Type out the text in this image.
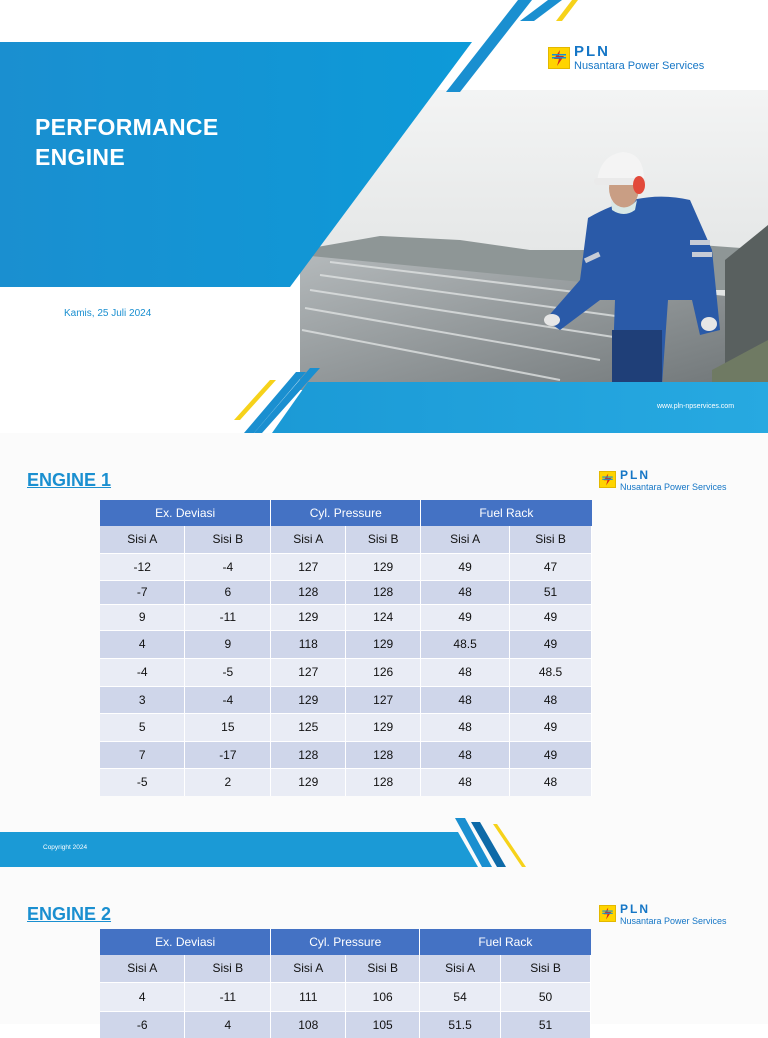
PERFORMANCE
ENGINE
Kamis, 25 Juli 2024
www.pln-npservices.com
PLN
Nusantara Power Services
ENGINE 1	PLN
Nusantara Power Services
Ex. Deviasi		Cyl. Pressure		Fuel Rack	
Sisi A	Sisi B	Sisi A	Sisi B	Sisi A	Sisi B
-12	-4	127	129	49	47
-7	6	128	128	48	51
9	-11	129	124	49	49
4	9	118	129	48.5	49
-4	-5	127	126	48	48.5
3	-4	129	127	48	48
5	15	125	129	48	49
7	-17	128	128	48	49
-5	2	129	128	48	48
Copyright 2024
ENGINE 2	PLN
Nusantara Power Services
Ex. Deviasi		Cyl. Pressure		Fuel Rack	
Sisi A	Sisi B	Sisi A	Sisi B	Sisi A	Sisi B
4	-11	111	106	54	50
-6	4	108	105	51.5	51
